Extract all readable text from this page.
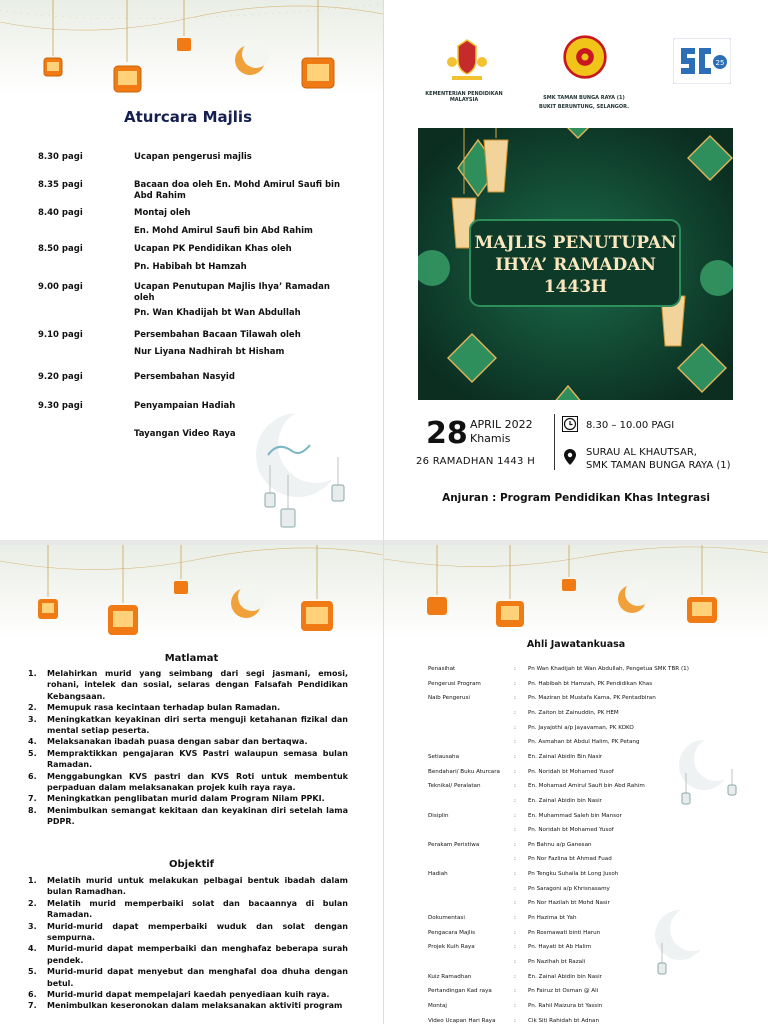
Aturcara Majlis
8.30 pagi	Ucapan pengerusi majlis
8.35 pagi	Bacaan doa oleh En. Mohd Amirul Saufi bin Abd Rahim
8.40 pagi	Montaj oleh
En. Mohd Amirul Saufi bin Abd Rahim
8.50 pagi	Ucapan PK Pendidikan Khas oleh
Pn. Habibah bt Hamzah
9.00 pagi	Ucapan Penutupan Majlis Ihya’ Ramadan oleh
Pn. Wan Khadijah bt Wan Abdullah
9.10 pagi	Persembahan Bacaan Tilawah oleh
Nur Liyana Nadhirah bt Hisham
9.20 pagi	Persembahan Nasyid
9.30 pagi	Penyampaian Hadiah
Tayangan Video Raya
KEMENTERIAN PENDIDIKAN MALAYSIA	SMK TAMAN BUNGA RAYA (1)
BUKIT BERUNTUNG, SELANGOR.
25
MAJLIS PENUTUPAN
IHYA’ RAMADAN
1443H
28 APRIL 2022
Khamis
26 RAMADHAN 1443 H
8.30 – 10.00 PAGI
SURAU AL KHAUTSAR,
SMK TAMAN BUNGA RAYA (1)
Anjuran : Program Pendidikan Khas Integrasi
Matlamat
1. Melahirkan murid yang seimbang dari segi jasmani, emosi, rohani, intelek dan sosial, selaras dengan Falsafah Pendidikan Kebangsaan.
2. Memupuk rasa kecintaan terhadap bulan Ramadan.
3. Meningkatkan keyakinan diri serta menguji ketahanan fizikal dan mental setiap peserta.
4. Melaksanakan ibadah puasa dengan sabar dan bertaqwa.
5. Mempraktikkan pengajaran KVS Pastri walaupun semasa bulan Ramadan.
6. Menggabungkan KVS pastri dan KVS Roti untuk membentuk perpaduan dalam melaksanakan projek kuih raya raya.
7. Meningkatkan penglibatan murid dalam Program Nilam PPKI.
8. Menimbulkan semangat kekitaan dan keyakinan diri setelah lama PDPR.
Objektif
1. Melatih murid untuk melakukan pelbagai bentuk ibadah dalam bulan Ramadhan.
2. Melatih murid memperbaiki solat dan bacaannya di bulan Ramadan.
3. Murid-murid dapat memperbaiki wuduk dan solat dengan sempurna.
4. Murid-murid dapat memperbaiki dan menghafaz beberapa surah pendek.
5. Murid-murid dapat menyebut dan menghafal doa dhuha dengan betul.
6. Murid-murid dapat mempelajari kaedah penyediaan kuih raya.
7. Menimbulkan keseronokan dalam melaksanakan aktiviti program
Ahli Jawatankuasa
Penasihat	: Pn Wan Khadijah bt Wan Abdullah, Pengetua SMK TBR (1)
Pengerusi Program	: Pn. Habibah bt Hamzah, PK Pendidikan Khas
Naib Pengerusi	: Pn. Maziran bt Mustafa Kama, PK Pentadbiran
: Pn. Zaiton bt Zainuddin, PK HEM
: Pn. Jayajothi a/p Jayavaman, PK KOKO
: Pn. Asmahan bt Abdul Halim, PK Petang
Setiausaha	: En. Zainal Abidin Bin Nasir
Bendahari/ Buku Aturcara	: Pn. Noridah bt Mohamed Yusof
Teknikal/ Peralatan	: En. Mohamad Amirul Saufi bin Abd Rahim
: En. Zainal Abidin bin Nasir
Disiplin	: En. Muhammad Saleh bin Mansor
: Pn. Noridah bt Mohamed Yusof
Perakam Peristiwa	: Pn Bahnu a/p Ganesan
: Pn Nor Fazlina bt Ahmad Fuad
Hadiah	: Pn Tengku Suhaila bt Long Jusoh
: Pn Saragoni a/p Khrisnasamy
: Pn Nor Hazilah bt Mohd Nasir
Dokumentasi	: Pn Hazima bt Yah
Pengacara Majlis	: Pn Rosmawati binti Harun
Projek Kuih Raya	: Pn. Hayati bt Ab Halim
: Pn Nazihah bt Razali
Kuiz Ramadhan	: En. Zainal Abidin bin Nasir
Pertandingan Kad raya	: Pn Fairuz bt Osman @ Ali
Montaj	: Pn. Rahil Maizura bt Yassin
Video Ucapan Hari Raya	: Cik Siti Rahidah bt Adnan
